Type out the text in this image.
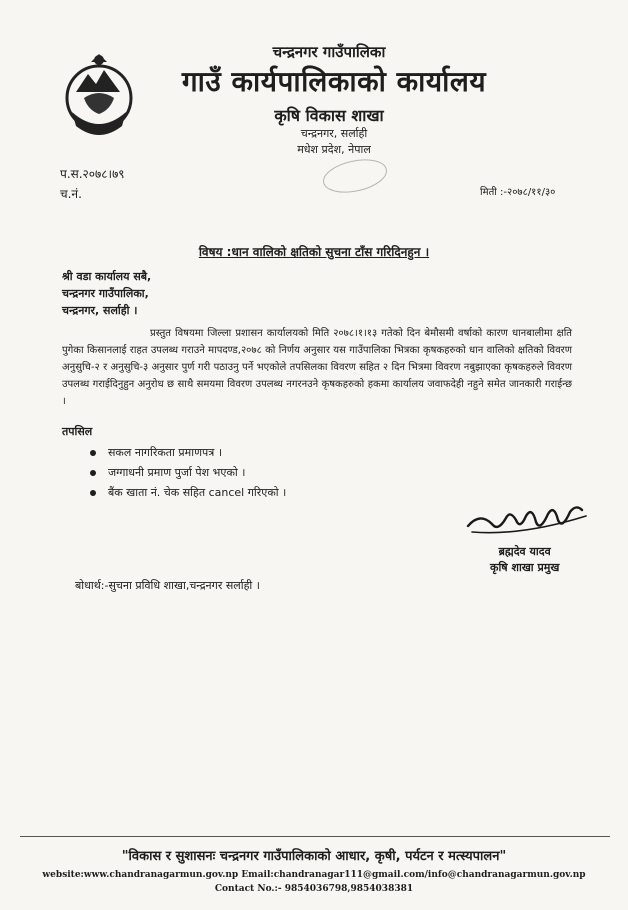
चन्द्रनगर गाउँपालिका
गाउँ कार्यपालिकाको कार्यालय
कृषि विकास शाखा
चन्द्रनगर, सर्लाही
मधेश प्रदेश, नेपाल
प.स.२०७८।७९
च.नं.	मिती :-२०७८/११/३०
विषय :धान वालिको क्षतिको सुचना टाँस गरिदिनहुन ।
श्री वडा कार्यालय सबै,
चन्द्रनगर गाउँपालिका,
चन्द्रनगर, सर्लाही ।
प्रस्तुत विषयमा जिल्ला प्रशासन कार्यालयको मिति २०७८।१।१३ गतेको दिन बेमौसमी वर्षाको कारण धानबालीमा क्षति पुगेका किसानलाई राहत उपलब्ध गराउने मापदण्ड,२०७८ को निर्णय अनुसार यस गाउँपालिका भित्रका कृषकहरुको धान वालिको क्षतिको विवरण अनुसुचि-२ र अनुसुचि-३ अनुसार पुर्ण गरी पठाउनु पर्ने भएकोले तपसिलका विवरण सहित २ दिन भित्रमा विवरण नबुझाएका कृषकहरुले विवरण उपलब्ध गराईदिनुहुन अनुरोध छ साथै समयमा विवरण उपलब्ध नगरनउने कृषकहरुको हकमा कार्यालय जवाफदेही नहुने समेत जानकारी गराईन्छ ।
तपसिल
सकल नागरिकता प्रमाणपत्र ।
जग्गाधनी प्रमाण पुर्जा पेश भएको ।
बैंक खाता नं. चेक सहित cancel गरिएको ।
ब्रह्मदेव यादव
कृषि शाखा प्रमुख
बोधार्थ:-सुचना प्रविधि शाखा,चन्द्रनगर सर्लाही ।
"विकास र सुशासनः चन्द्रनगर गाउँपालिकाको आधार, कृषी, पर्यटन र मत्स्यपालन"
website:www.chandranagarmun.gov.np Email:chandranagar111@gmail.com/info@chandranagarmun.gov.np
Contact No.:- 9854036798,9854038381
